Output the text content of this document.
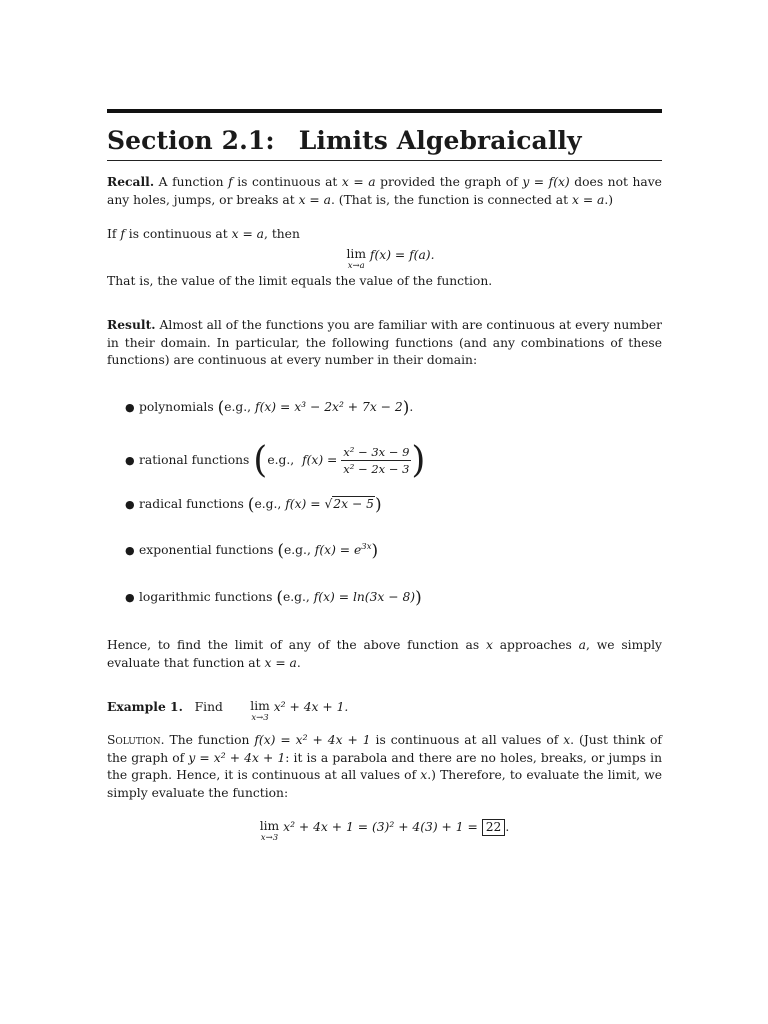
Section 2.1: Limits Algebraically

Recall. A function f is continuous at x = a provided the graph of y = f(x) does not have any holes, jumps, or breaks at x = a. (That is, the function is connected at x = a.)

If f is continuous at x = a, then

lim
x→a
f(x) = f(a).

That is, the value of the limit equals the value of the function.

Result. Almost all of the functions you are familiar with are continuous at every number in their domain. In particular, the following functions (and any combinations of these functions) are continuous at every number in their domain:

● polynomials (e.g., f(x) = x³ − 2x² + 7x − 2).
● rational functions (e.g.,  $f(x) = \frac{\text{x² − 3x − 9}}{\text{x² − 2x − 3}}$ )
● radical functions (e.g., f(x) = √2x − 5)
● exponential functions (e.g., $f(x) = e^{3x}$)
● logarithmic functions (e.g., f(x) = ln(3x − 8))

Hence, to find the limit of any of the above function as x approaches a, we simply evaluate that function at x = a.

Example 1. Find lim
x→3
x² + 4x + 1.

Solution. The function f(x) = x² + 4x + 1 is continuous at all values of x. (Just think of the graph of y = x² + 4x + 1: it is a parabola and there are no holes, breaks, or jumps in the graph. Hence, it is continuous at all values of x.) Therefore, to evaluate the limit, we simply evaluate the function:

lim
x→3
x² + 4x + 1 = (3)² + 4(3) + 1 = 22 .
